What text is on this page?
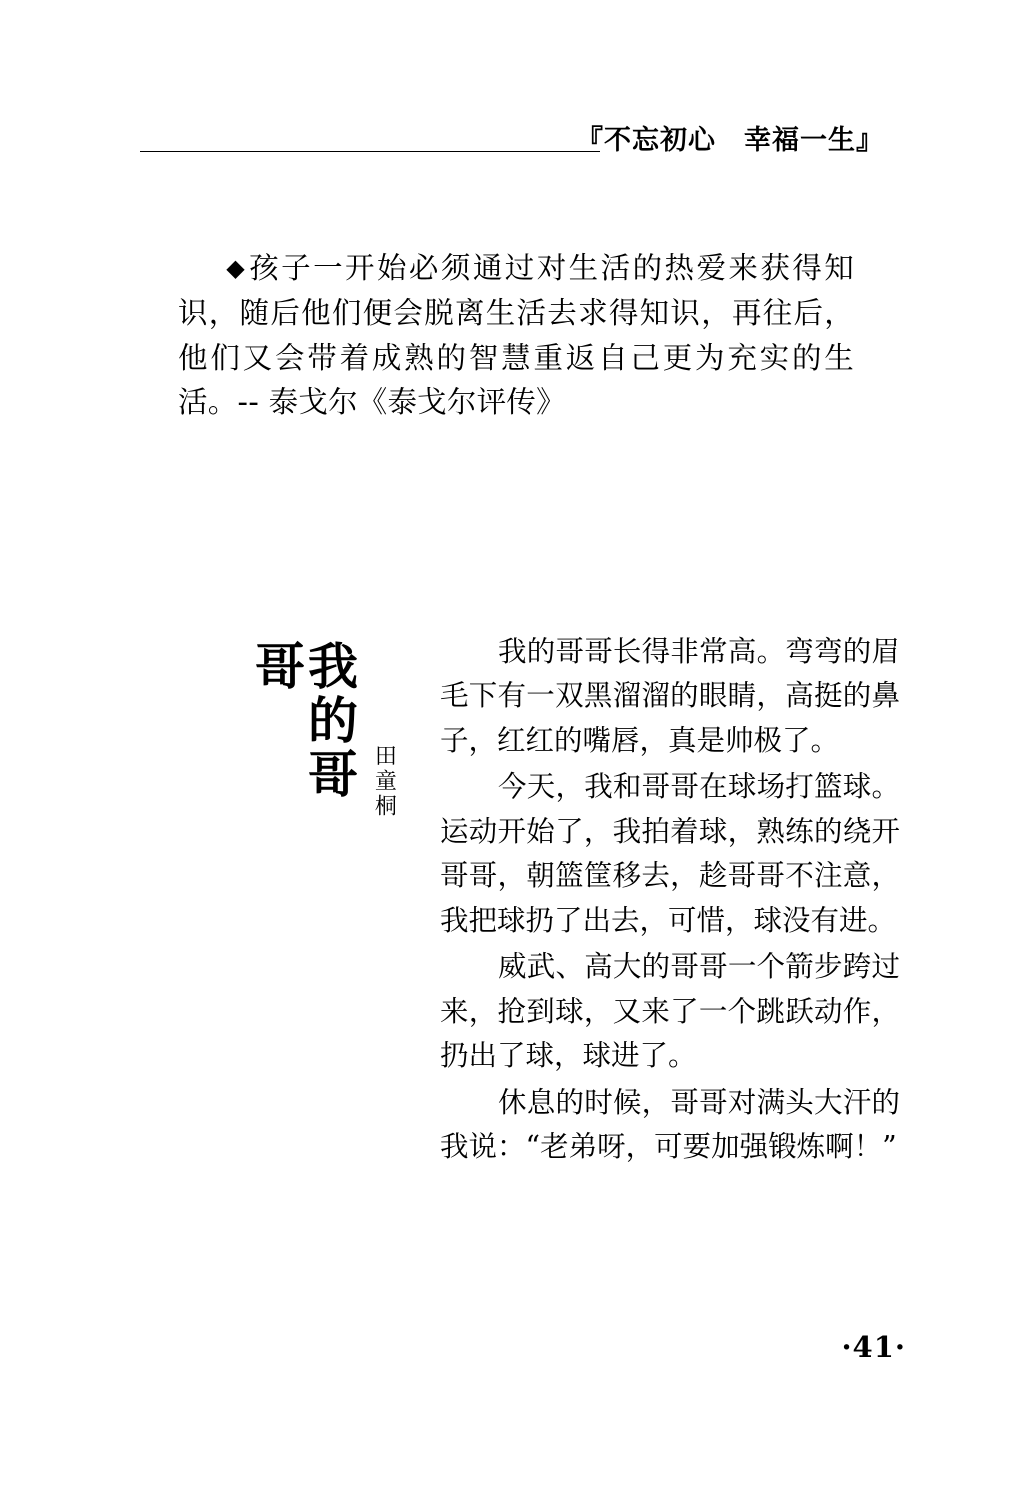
『不忘初心　幸福一生』
◆孩子一开始必须通过对生活的热爱来获得知识，随后他们便会脱离生活去求得知识，再往后，他们又会带着成熟的智慧重返自己更为充实的生活。-- 泰戈尔《泰戈尔评传》
我的哥哥
田童桐

我的哥哥长得非常高。弯弯的眉毛下有一双黑溜溜的眼睛，高挺的鼻子，红红的嘴唇，真是帅极了。

今天，我和哥哥在球场打篮球。运动开始了，我拍着球，熟练的绕开哥哥，朝篮筐移去，趁哥哥不注意，我把球扔了出去，可惜，球没有进。

威武、高大的哥哥一个箭步跨过来，抢到球，又来了一个跳跃动作，扔出了球，球进了。

休息的时候，哥哥对满头大汗的我说：“老弟呀，可要加强锻炼啊！”

·41·
